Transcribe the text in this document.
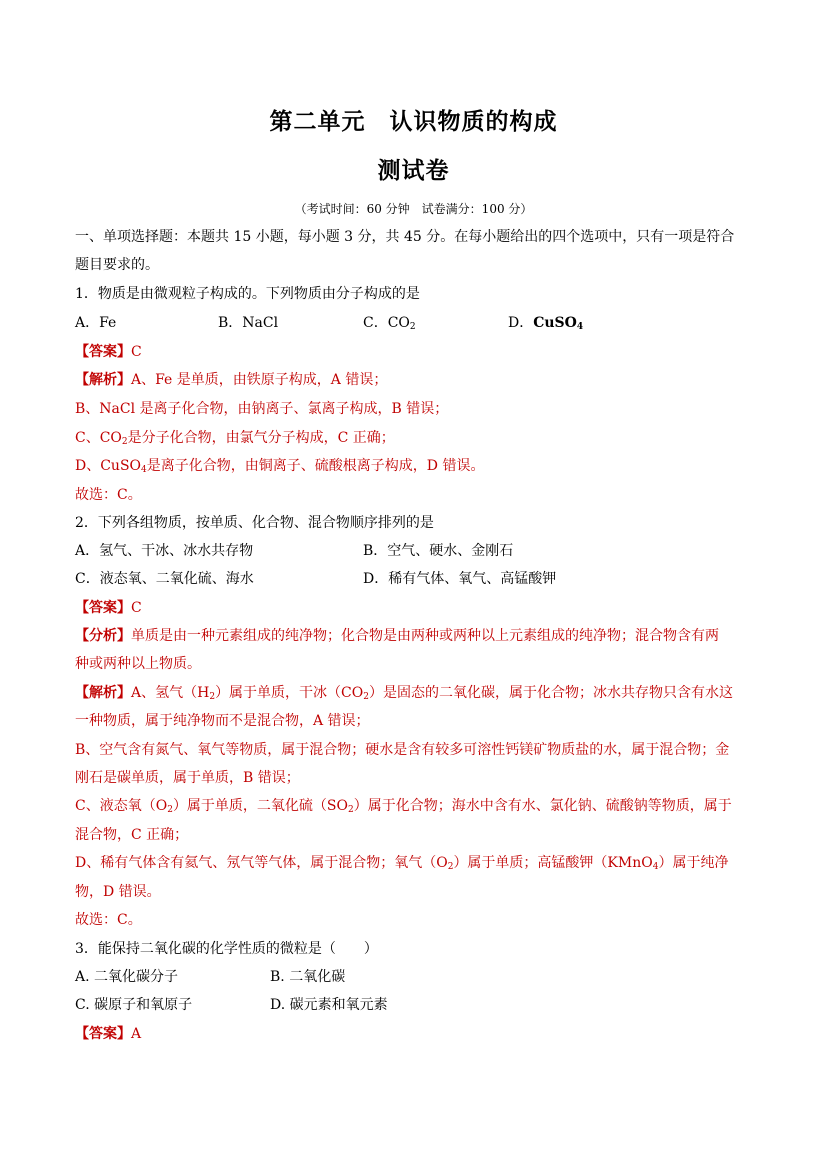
第二单元　认识物质的构成
测试卷
（考试时间：60 分钟　试卷满分：100 分）
一、单项选择题：本题共 15 小题，每小题 3 分，共 45 分。在每小题给出的四个选项中，只有一项是符合
题目要求的。
1．物质是由微观粒子构成的。下列物质由分子构成的是
A．Fe	B．NaCl	C．$CO_2$	D．CuSO$_4$
【答案】C
【解析】A、Fe 是单质，由铁原子构成，A 错误；
B、NaCl 是离子化合物，由钠离子、氯离子构成，B 错误；
C、$CO_2$是分子化合物，由氯气分子构成，C 正确；
D、CuSO$_4$是离子化合物，由铜离子、硫酸根离子构成，D 错误。
故选：C。
2．下列各组物质，按单质、化合物、混合物顺序排列的是
A．氢气、干冰、冰水共存物	B．空气、硬水、金刚石
C．液态氧、二氧化硫、海水	D．稀有气体、氧气、高锰酸钾
【答案】C
【分析】单质是由一种元素组成的纯净物；化合物是由两种或两种以上元素组成的纯净物；混合物含有两
种或两种以上物质。
【解析】A、氢气$(H_2)$属于单质，干冰$(CO_2)$是固态的二氧化碳，属于化合物；冰水共存物只含有水这
一种物质，属于纯净物而不是混合物，A 错误；
B、空气含有氮气、氧气等物质，属于混合物；硬水是含有较多可溶性钙镁矿物质盐的水，属于混合物；金
刚石是碳单质，属于单质，B 错误；
C、液态氧$(O_2)$属于单质，二氧化硫$(SO_2)$属于化合物；海水中含有水、氯化钠、硫酸钠等物质，属于
混合物，C 正确；
D、稀有气体含有氦气、氖气等气体，属于混合物；氧气$(O_2)$属于单质；高锰酸钾（KMnO$_4$）属于纯净
物，D 错误。
故选：C。
3．能保持二氧化碳的化学性质的微粒是（　　）
A. 二氧化碳分子	B. 二氧化碳
C. 碳原子和氧原子	D. 碳元素和氧元素
【答案】A
